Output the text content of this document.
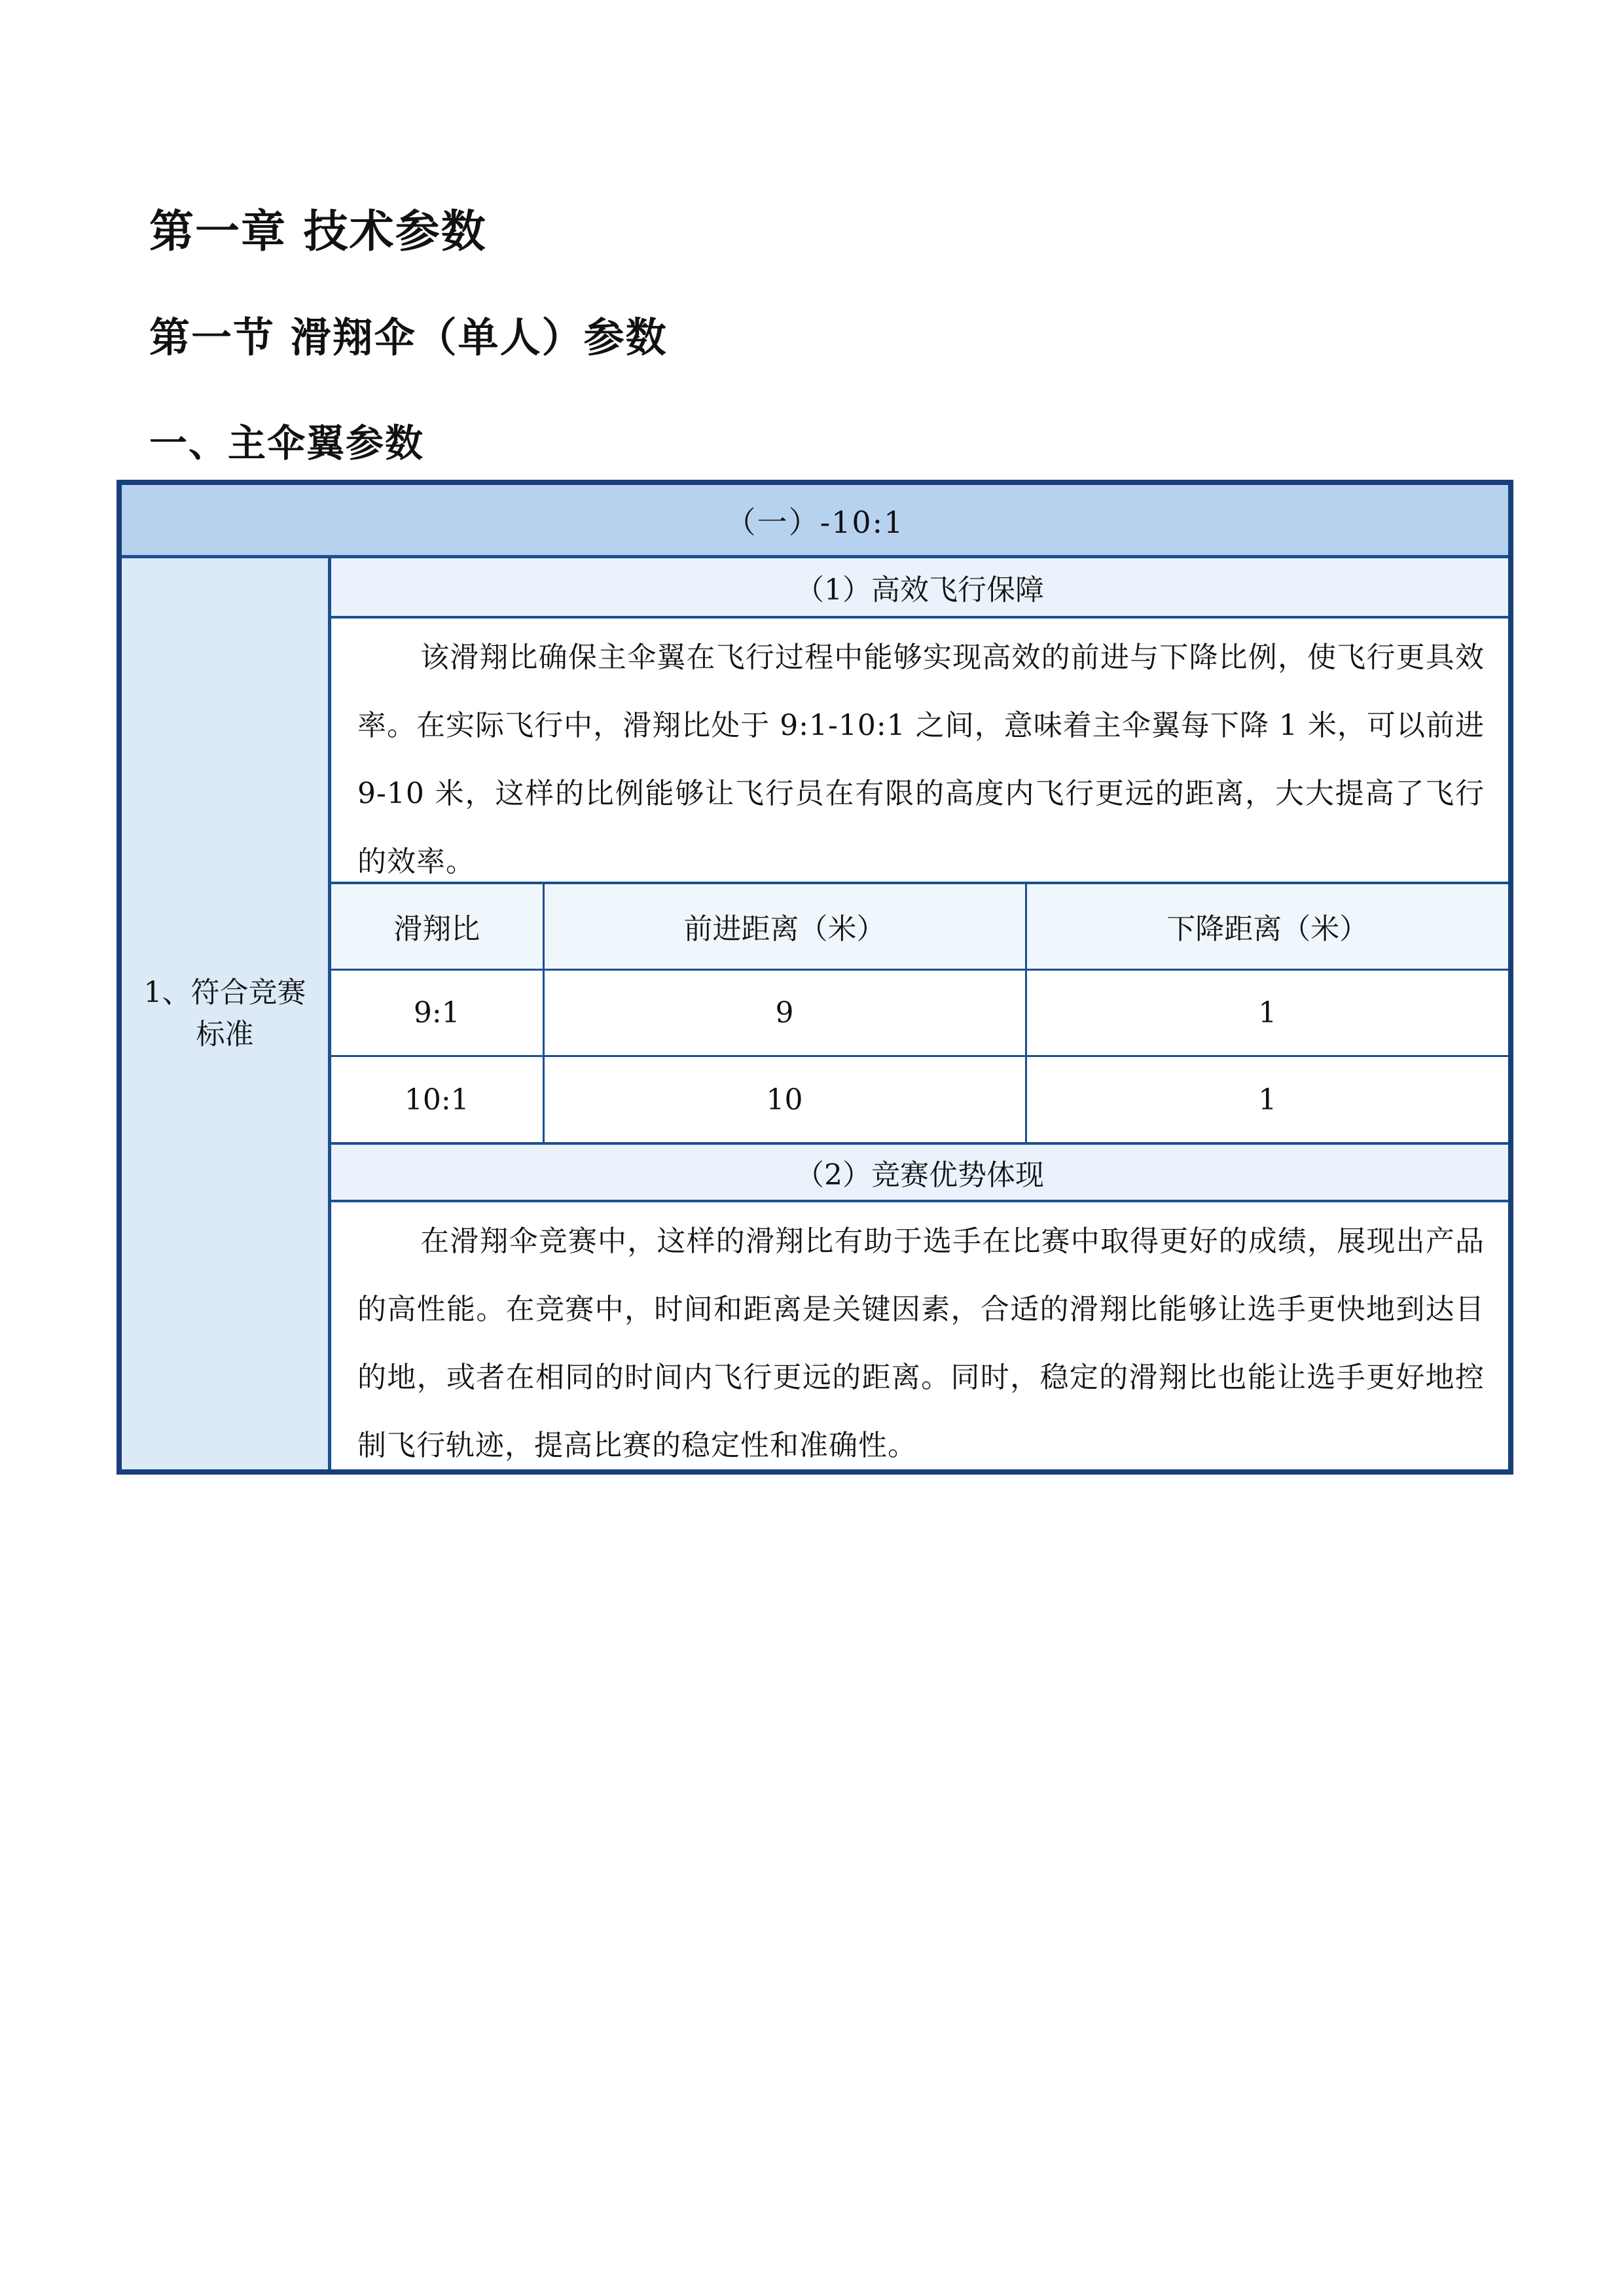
第一章 技术参数
第一节 滑翔伞（单人）参数
一、主伞翼参数
（一）-10:1
1、符合竞赛标准
（1）高效飞行保障
该滑翔比确保主伞翼在飞行过程中能够实现高效的前进与下降比例，使飞行更具效率。在实际飞行中，滑翔比处于 9:1-10:1 之间，意味着主伞翼每下降 1 米，可以前进 9-10 米，这样的比例能够让飞行员在有限的高度内飞行更远的距离，大大提高了飞行的效率。
滑翔比	前进距离（米）	下降距离（米）
9:1	9	1
10:1	10	1
（2）竞赛优势体现
在滑翔伞竞赛中，这样的滑翔比有助于选手在比赛中取得更好的成绩，展现出产品的高性能。在竞赛中，时间和距离是关键因素，合适的滑翔比能够让选手更快地到达目的地，或者在相同的时间内飞行更远的距离。同时，稳定的滑翔比也能让选手更好地控制飞行轨迹，提高比赛的稳定性和准确性。
